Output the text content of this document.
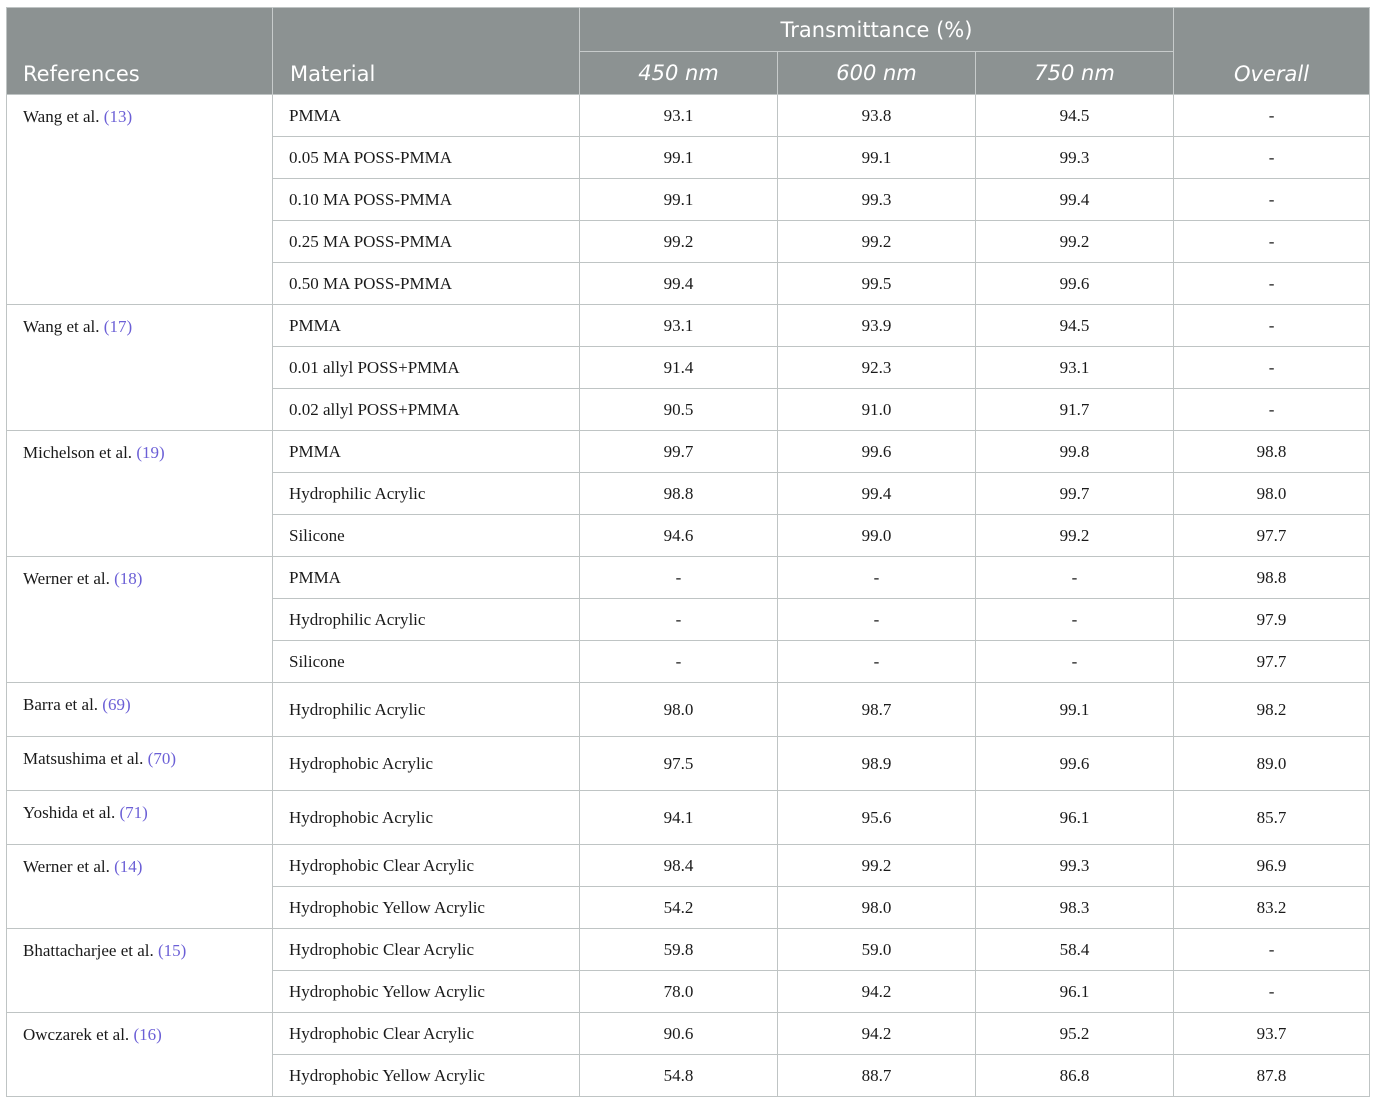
References	Material	Transmittance (%)			Overall
		450 nm	600 nm	750 nm	
Wang et al. (13)	PMMA	93.1	93.8	94.5	-
	0.05 MA POSS-PMMA	99.1	99.1	99.3	-
	0.10 MA POSS-PMMA	99.1	99.3	99.4	-
	0.25 MA POSS-PMMA	99.2	99.2	99.2	-
	0.50 MA POSS-PMMA	99.4	99.5	99.6	-
Wang et al. (17)	PMMA	93.1	93.9	94.5	-
	0.01 allyl POSS+PMMA	91.4	92.3	93.1	-
	0.02 allyl POSS+PMMA	90.5	91.0	91.7	-
Michelson et al. (19)	PMMA	99.7	99.6	99.8	98.8
	Hydrophilic Acrylic	98.8	99.4	99.7	98.0
	Silicone	94.6	99.0	99.2	97.7
Werner et al. (18)	PMMA	-	-	-	98.8
	Hydrophilic Acrylic	-	-	-	97.9
	Silicone	-	-	-	97.7
Barra et al. (69)	Hydrophilic Acrylic	98.0	98.7	99.1	98.2
Matsushima et al. (70)	Hydrophobic Acrylic	97.5	98.9	99.6	89.0
Yoshida et al. (71)	Hydrophobic Acrylic	94.1	95.6	96.1	85.7
Werner et al. (14)	Hydrophobic Clear Acrylic	98.4	99.2	99.3	96.9
	Hydrophobic Yellow Acrylic	54.2	98.0	98.3	83.2
Bhattacharjee et al. (15)	Hydrophobic Clear Acrylic	59.8	59.0	58.4	-
	Hydrophobic Yellow Acrylic	78.0	94.2	96.1	-
Owczarek et al. (16)	Hydrophobic Clear Acrylic	90.6	94.2	95.2	93.7
	Hydrophobic Yellow Acrylic	54.8	88.7	86.8	87.8
